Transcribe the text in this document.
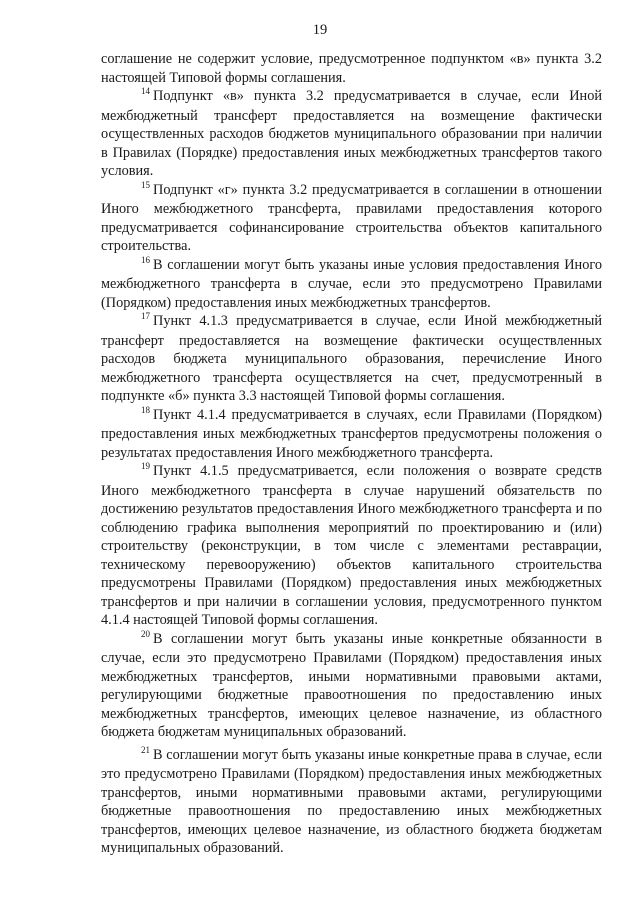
19

соглашение не содержит условие, предусмотренное подпунктом «в» пункта 3.2 настоящей Типовой формы соглашения.

$^{14}$ Подпункт «в» пункта 3.2 предусматривается в случае, если Иной межбюджетный трансферт предоставляется на возмещение фактически осуществленных расходов бюджетов муниципального образовании при наличии в Правилах (Порядке) предоставления иных межбюджетных трансфертов такого условия.

$^{15}$ Подпункт «г» пункта 3.2 предусматривается в соглашении в отношении Иного межбюджетного трансферта, правилами предоставления которого предусматривается софинансирование строительства объектов капитального строительства.

$^{16}$ В соглашении могут быть указаны иные условия предоставления Иного межбюджетного трансферта в случае, если это предусмотрено Правилами (Порядком) предоставления иных межбюджетных трансфертов.

$^{17}$ Пункт 4.1.3 предусматривается в случае, если Иной межбюджетный трансферт предоставляется на возмещение фактически осуществленных расходов бюджета муниципального образования, перечисление Иного межбюджетного трансферта осуществляется на счет, предусмотренный в подпункте «б» пункта 3.3 настоящей Типовой формы соглашения.

$^{18}$ Пункт 4.1.4 предусматривается в случаях, если Правилами (Порядком) предоставления иных межбюджетных трансфертов предусмотрены положения о результатах предоставления Иного межбюджетного трансферта.

$^{19}$ Пункт 4.1.5 предусматривается, если положения о возврате средств Иного межбюджетного трансферта в случае нарушений обязательств по достижению результатов предоставления Иного межбюджетного трансферта и по соблюдению графика выполнения мероприятий по проектированию и (или) строительству (реконструкции, в том числе с элементами реставрации, техническому перевооружению) объектов капитального строительства предусмотрены Правилами (Порядком) предоставления иных межбюджетных трансфертов и при наличии в соглашении условия, предусмотренного пунктом 4.1.4 настоящей Типовой формы соглашения.

$^{20}$ В соглашении могут быть указаны иные конкретные обязанности в случае, если это предусмотрено Правилами (Порядком) предоставления иных межбюджетных трансфертов, иными нормативными правовыми актами, регулирующими бюджетные правоотношения по предоставлению иных межбюджетных трансфертов, имеющих целевое назначение, из областного бюджета бюджетам муниципальных образований.

$^{21}$ В соглашении могут быть указаны иные конкретные права в случае, если это предусмотрено Правилами (Порядком) предоставления иных межбюджетных трансфертов, иными нормативными правовыми актами, регулирующими бюджетные правоотношения по предоставлению иных межбюджетных трансфертов, имеющих целевое назначение, из областного бюджета бюджетам муниципальных образований.
